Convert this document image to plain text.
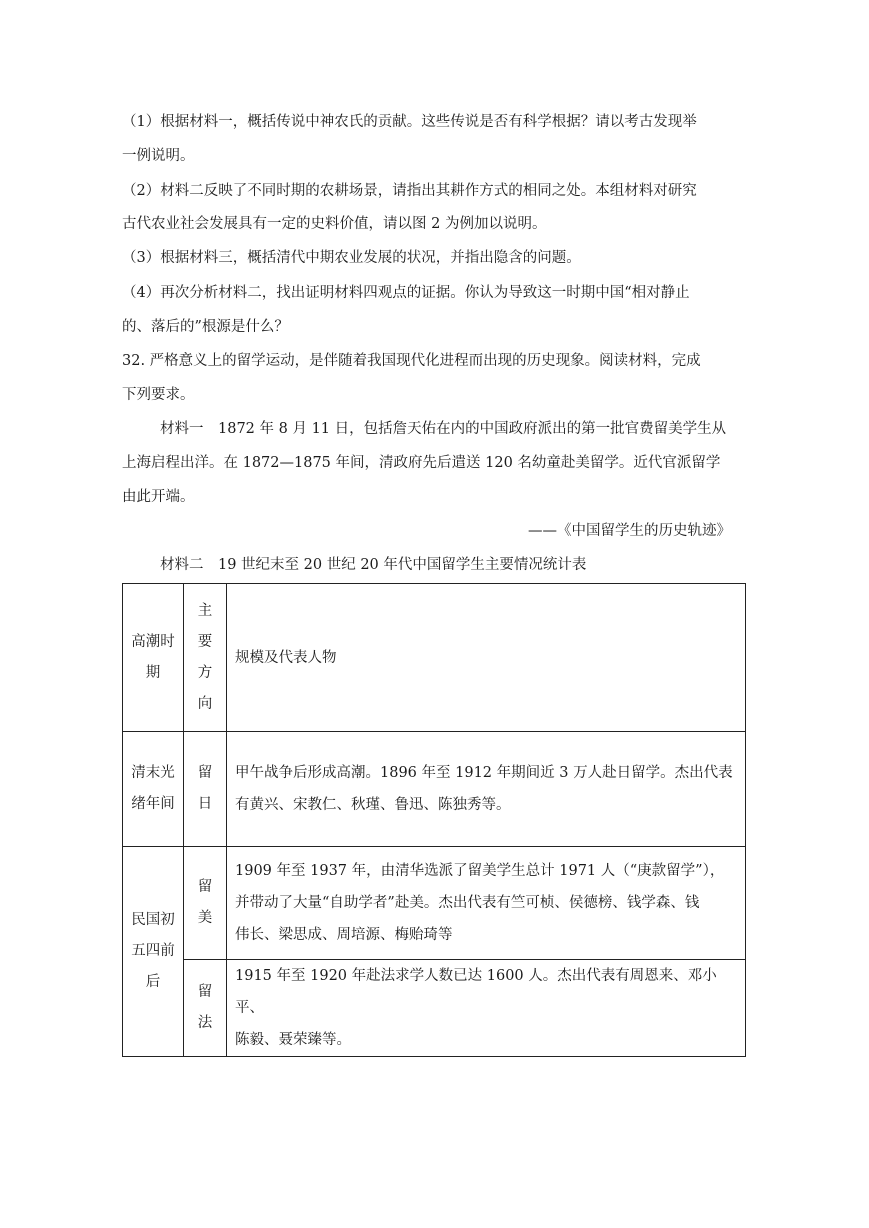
（1）根据材料一，概括传说中神农氏的贡献。这些传说是否有科学根据？请以考古发现举
一例说明。
（2）材料二反映了不同时期的农耕场景，请指出其耕作方式的相同之处。本组材料对研究
古代农业社会发展具有一定的史料价值，请以图 2 为例加以说明。
（3）根据材料三，概括清代中期农业发展的状况，并指出隐含的问题。
（4）再次分析材料二，找出证明材料四观点的证据。你认为导致这一时期中国“相对静止
的、落后的”根源是什么？
32. 严格意义上的留学运动，是伴随着我国现代化进程而出现的历史现象。阅读材料，完成
下列要求。
材料一　1872 年 8 月 11 日，包括詹天佑在内的中国政府派出的第一批官费留美学生从
上海启程出洋。在 1872—1875 年间，清政府先后遣送 120 名幼童赴美留学。近代官派留学
由此开端。
——《中国留学生的历史轨迹》
材料二　19 世纪末至 20 世纪 20 年代中国留学生主要情况统计表
高潮时期	主要方向	规模及代表人物
清末光绪年间	留日	甲午战争后形成高潮。1896 年至 1912 年期间近 3 万人赴日留学。杰出代表
有黄兴、宋教仁、秋瑾、鲁迅、陈独秀等。

民国初五四前后	留美	1909 年至 1937 年，由清华选派了留美学生总计 1971 人（“庚款留学”），
并带动了大量“自助学者”赴美。杰出代表有竺可桢、侯德榜、钱学森、钱
伟长、梁思成、周培源、梅贻琦等

	留法	1915 年至 1920 年赴法求学人数已达 1600 人。杰出代表有周恩来、邓小平、
陈毅、聂荣臻等。
